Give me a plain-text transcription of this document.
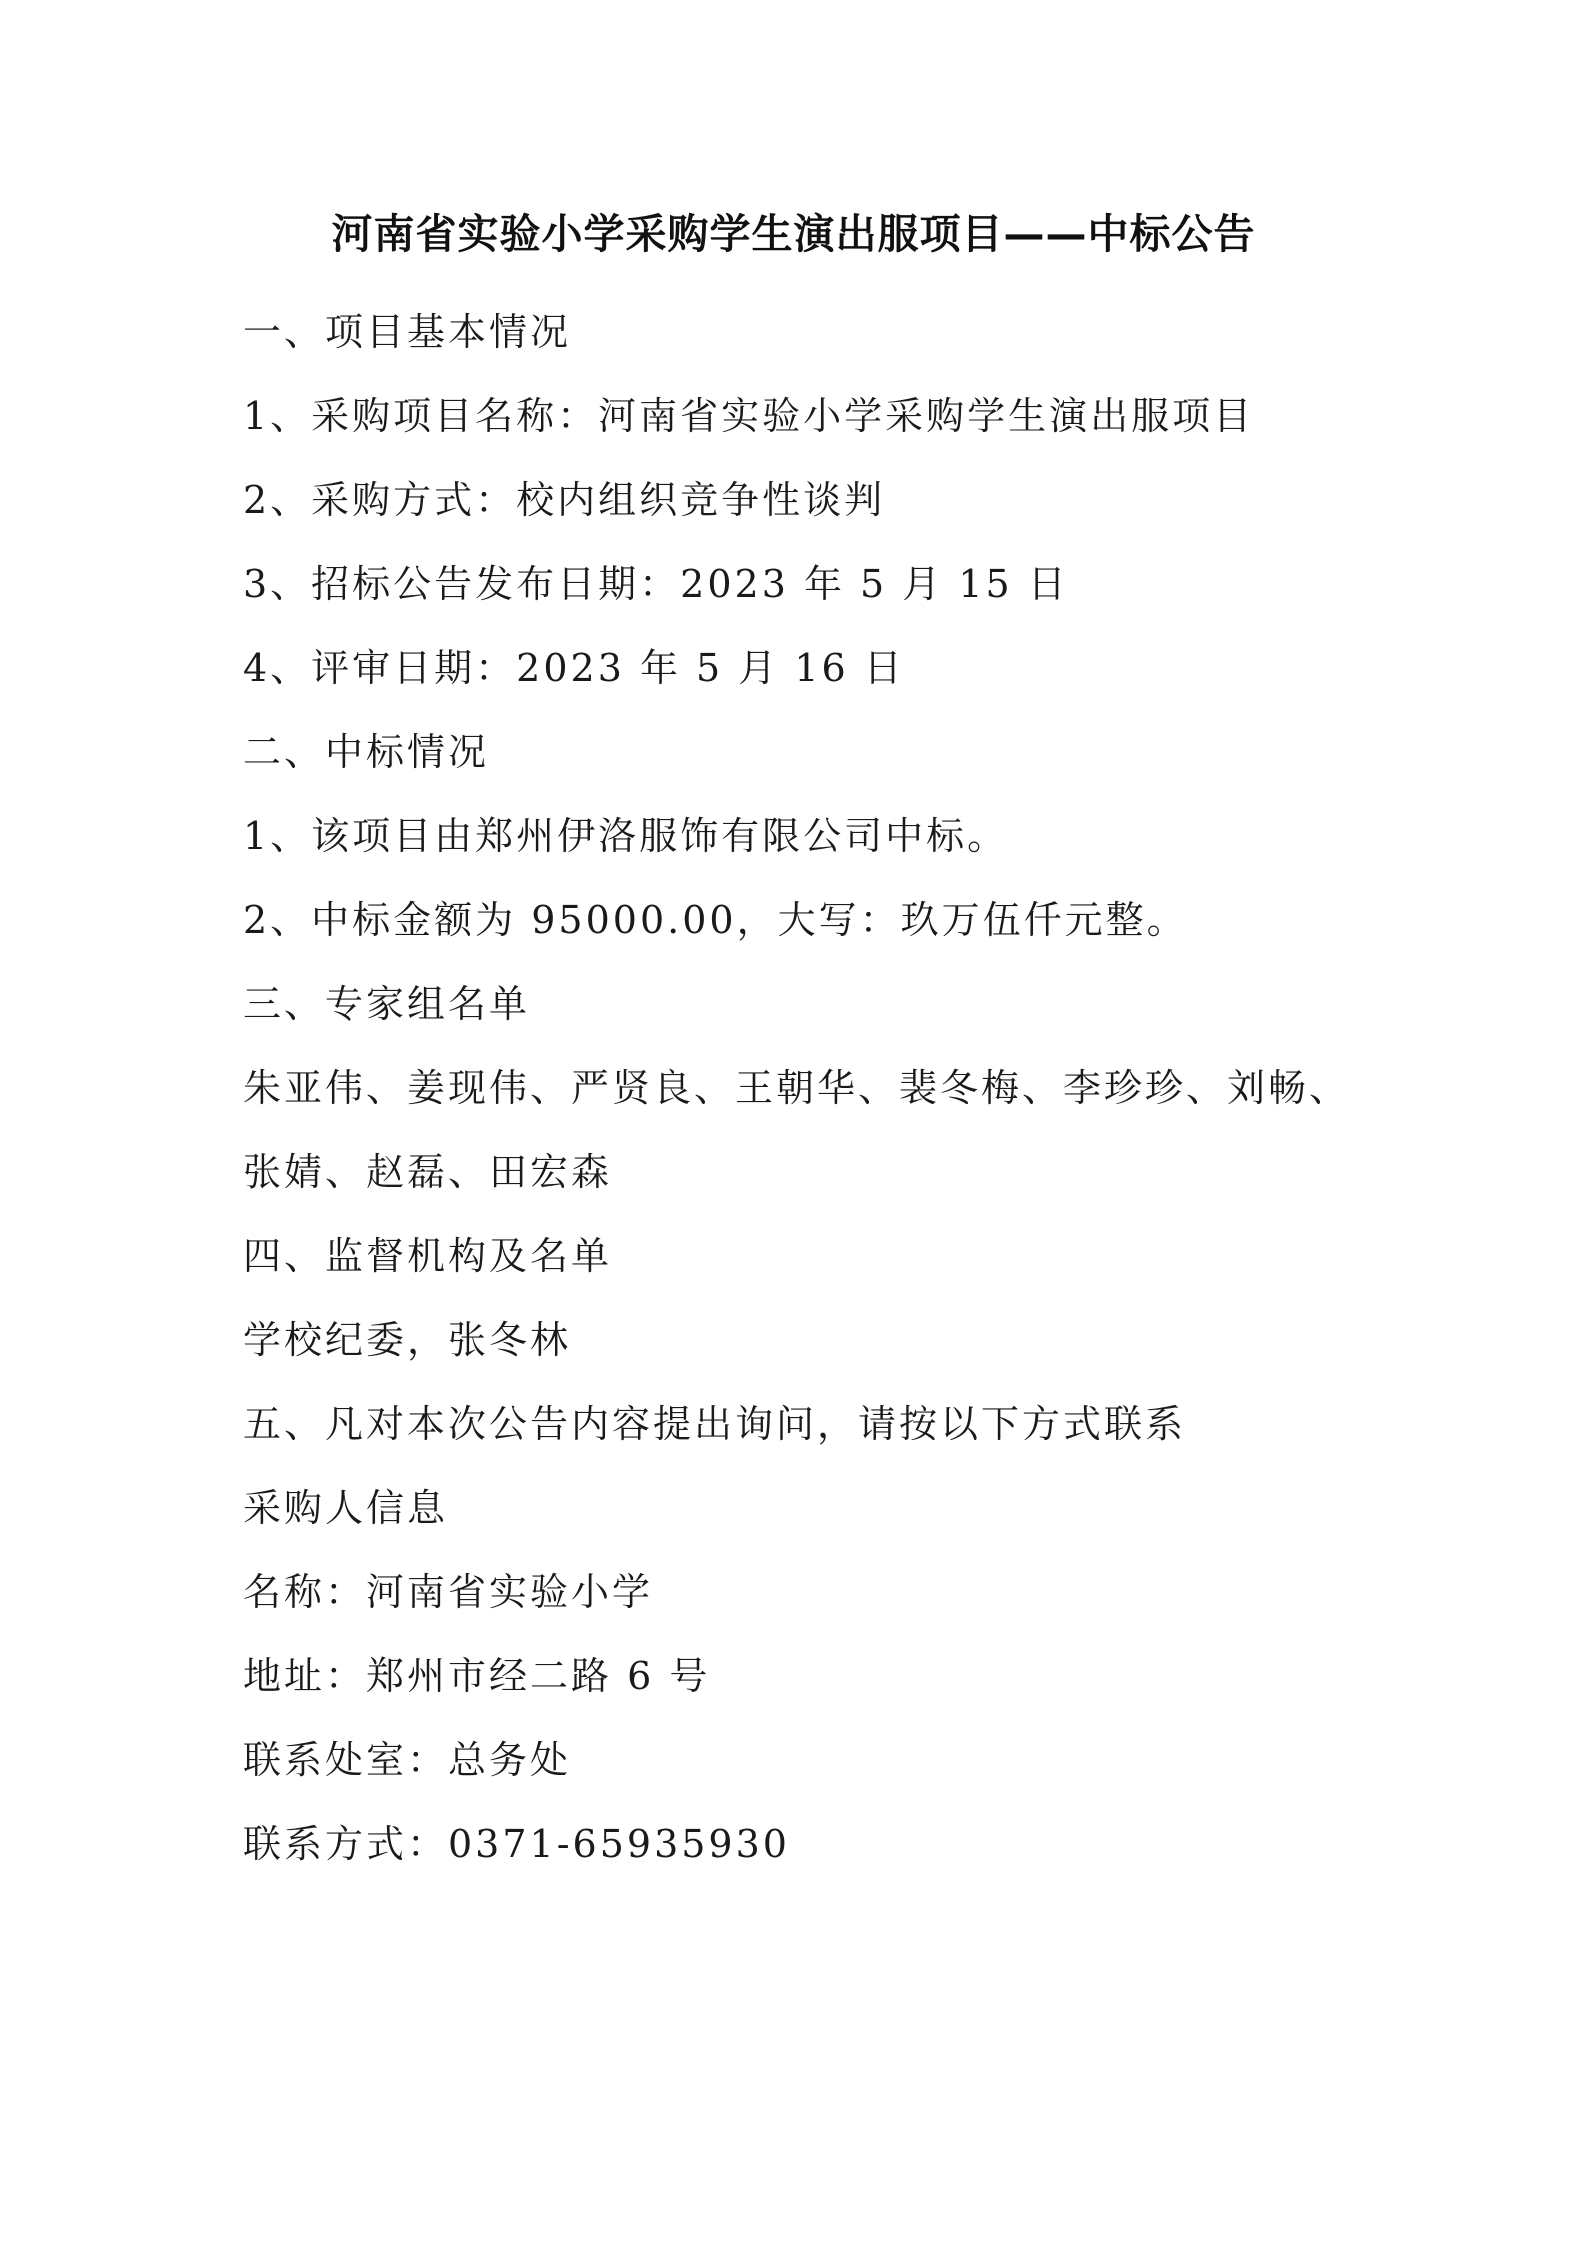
河南省实验小学采购学生演出服项目——中标公告
一、项目基本情况
1、采购项目名称：河南省实验小学采购学生演出服项目
2、采购方式：校内组织竞争性谈判
3、招标公告发布日期：2023 年 5 月 15 日
4、评审日期：2023 年 5 月 16 日
二、中标情况
1、该项目由郑州伊洛服饰有限公司中标。
2、中标金额为 95000.00，大写：玖万伍仟元整。
三、专家组名单
朱亚伟、姜现伟、严贤良、王朝华、裴冬梅、李珍珍、刘畅、
张婧、赵磊、田宏森
四、监督机构及名单
学校纪委，张冬林
五、凡对本次公告内容提出询问，请按以下方式联系
采购人信息
名称：河南省实验小学
地址：郑州市经二路 6 号
联系处室：总务处
联系方式：0371-65935930
